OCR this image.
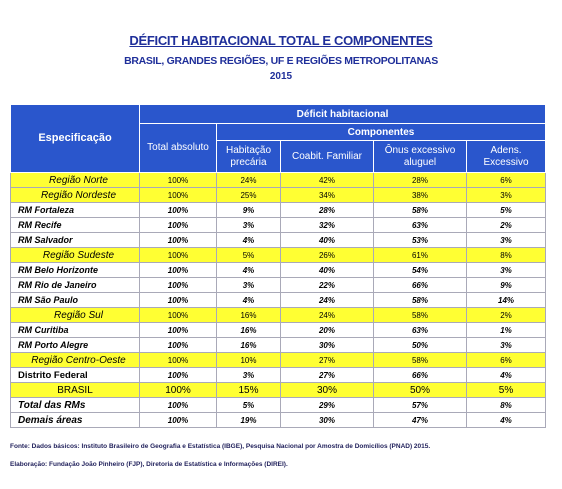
DÉFICIT HABITACIONAL TOTAL E COMPONENTES
BRASIL, GRANDES REGIÕES, UF E REGIÕES METROPOLITANAS
2015
Especificação	Déficit habitacional				
	Total absoluto	Componentes			
		Habitação precária	Coabit. Familiar	Ônus excessivo aluguel	Adens. Excessivo
Região Norte	100%	24%	42%	28%	6%
Região Nordeste	100%	25%	34%	38%	3%
RM Fortaleza	100%	9%	28%	58%	5%
RM Recife	100%	3%	32%	63%	2%
RM Salvador	100%	4%	40%	53%	3%
Região Sudeste	100%	5%	26%	61%	8%
RM Belo Horizonte	100%	4%	40%	54%	3%
RM Rio de Janeiro	100%	3%	22%	66%	9%
RM São Paulo	100%	4%	24%	58%	14%
Região Sul	100%	16%	24%	58%	2%
RM Curitiba	100%	16%	20%	63%	1%
RM Porto Alegre	100%	16%	30%	50%	3%
Região Centro-Oeste	100%	10%	27%	58%	6%
Distrito Federal	100%	3%	27%	66%	4%
BRASIL	100%	15%	30%	50%	5%
Total das RMs	100%	5%	29%	57%	8%
Demais áreas	100%	19%	30%	47%	4%
Fonte: Dados básicos: Instituto Brasileiro de Geografia e Estatística (IBGE), Pesquisa Nacional por Amostra de Domicílios (PNAD) 2015.
Elaboração: Fundação João Pinheiro (FJP), Diretoria de Estatística e Informações (DIREI).
